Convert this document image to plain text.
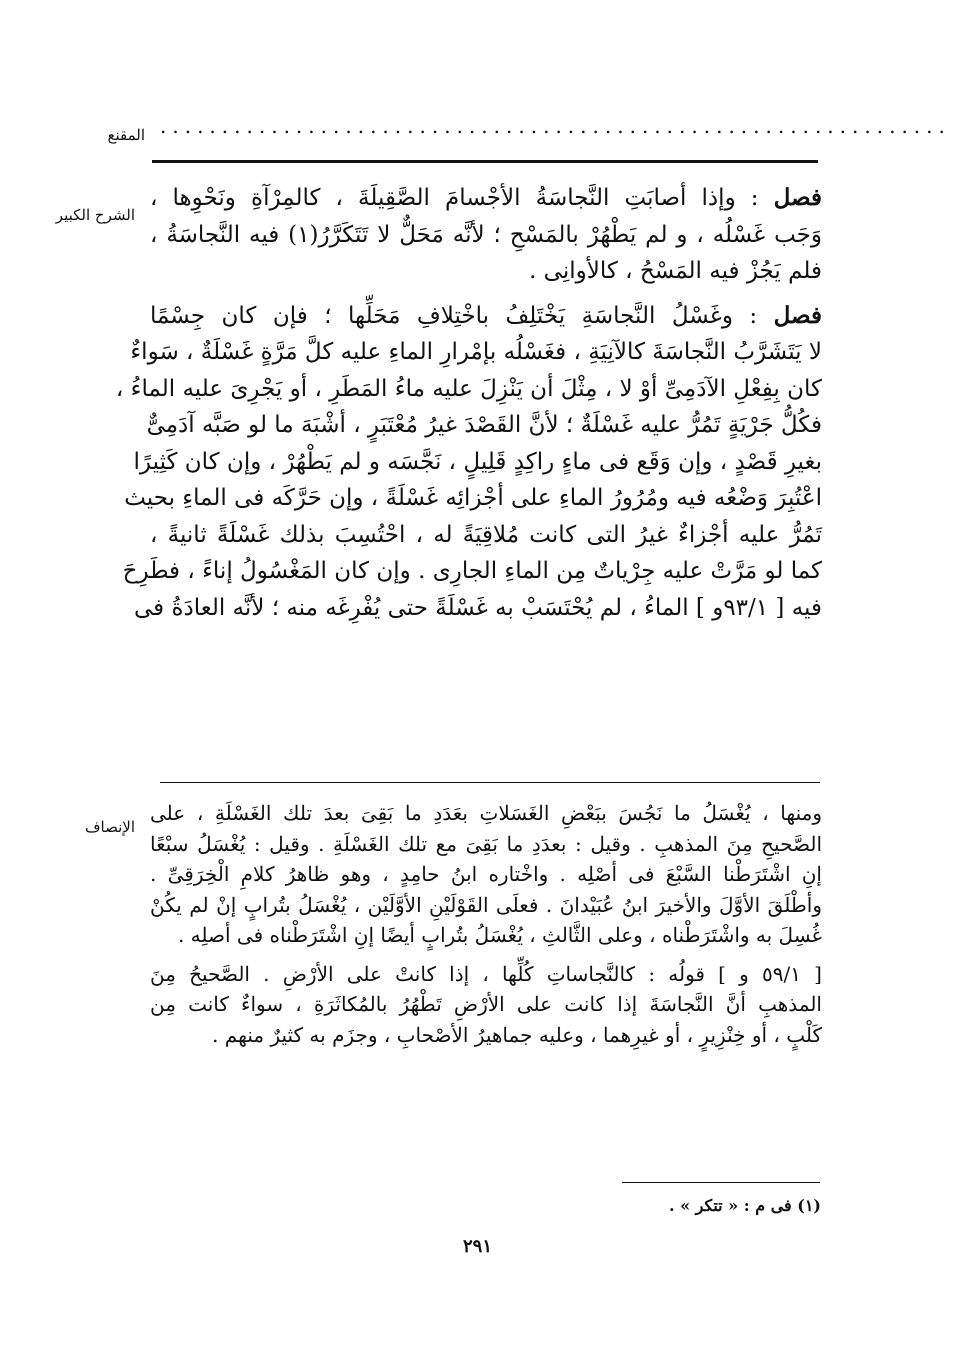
المقنع ................................................................
الشرح الكبير
فصل : وإذا أصابَتِ النَّجاسَةُ الأجْسامَ الصَّقِيلَةَ ، كالمِرْآةِ ونَحْوِها ،
وَجَب غَسْلُه ، و لم يَطْهُرْ بالمَسْحِ ؛ لأنَّه مَحَلٌّ لا تَتَكَرَّرُ(١) فيه النَّجاسَةُ ،
فلم يَجُزْ فيه المَسْحُ ، كالأوانِى .
فصل : وغَسْلُ النَّجاسَةِ يَخْتَلِفُ باخْتِلافِ مَحَلِّها ؛ فإن كان جِسْمًا
لا يَتَشَرَّبُ النَّجاسَةَ كالآنِيَةِ ، فغَسْلُه بإمْرارِ الماءِ عليه كلَّ مَرَّةٍ غَسْلَةٌ ، سَواءٌ
كان بِفِعْلِ الآدَمِىِّ أوْ لا ، مِثْلَ أن يَنْزِلَ عليه ماءُ المَطَرِ ، أو يَجْرِىَ عليه الماءُ ،
فكُلُّ جَرْيَةٍ تَمُرُّ عليه غَسْلَةٌ ؛ لأنَّ القَصْدَ غيرُ مُعْتَبَرٍ ، أشْبَهَ ما لو صَبَّه آدَمِىٌّ
بغيرِ قَصْدٍ ، وإن وَقَع فى ماءٍ راكِدٍ قَلِيلٍ ، نَجَّسَه و لم يَطْهُرْ ، وإن كان كَثِيرًا
اعْتُبِرَ وَضْعُه فيه ومُرُورُ الماءِ على أجْزائِه غَسْلَةً ، وإن حَرَّكَه فى الماءِ بحيث
تَمُرُّ عليه أجْزاءٌ غيرُ التى كانت مُلاقِيَةً له ، احْتُسِبَ بذلك غَسْلَةً ثانيةً ،
كما لو مَرَّتْ عليه جِرْياتٌ مِن الماءِ الجارِى . وإن كان المَغْسُولُ إناءً ، فطَرِحَ
فيه [ ٩٣/١و ] الماءُ ، لم يُحْتَسَبْ به غَسْلَةً حتى يُفْرِغَه منه ؛ لأنَّه العادَةُ فى
الإنصاف
ومنها ، يُغْسَلُ ما نَجُسَ ببَعْضِ الغَسَلاتِ بعَدَدِ ما بَقِىَ بعدَ تلك الغَسْلَةِ ، على
الصَّحيحِ مِنَ المذهبِ . وقيل : بعدَدِ ما بَقِىَ مع تلك الغَسْلَةِ . وقيل : يُغْسَلُ سبْعًا
إنِ اشْتَرَطْنا السَّبْعَ فى أصْلِه . واخْتاره ابنُ حامِدٍ ، وهو ظاهرُ كلامِ الْخِرَقِىِّ .
وأطْلَقَ الأوَّلَ والأخيرَ ابنُ عُبَيْدانَ . فعلَى القَوْلَيْنِ الأوَّلَيْن ، يُغْسَلُ بتُرابٍ إنْ لم يكُنْ
غُسِلَ به واشْتَرَطْناه ، وعلى الثَّالثِ ، يُغْسَلُ بتُرابٍ أيضًا إنِ اشْتَرَطْناه فى أصلِه .
[ ٥٩/١ و ] قولُه : كالنَّجاساتِ كُلِّها ، إذا كانتْ على الأرْضِ . الصَّحيحُ مِنَ
المذهبِ أنَّ النَّجاسَةَ إذا كانت على الأرْضِ تَطْهُرُ بالمُكاثَرَةِ ، سواءٌ كانت مِن
كَلْبٍ ، أو خِنْزِيرٍ ، أو غيرِهما ، وعليه جماهيرُ الأصْحابِ ، وجزَم به كثيرٌ منهم .
(١) فى م : « تتكر » .
٢٩١
